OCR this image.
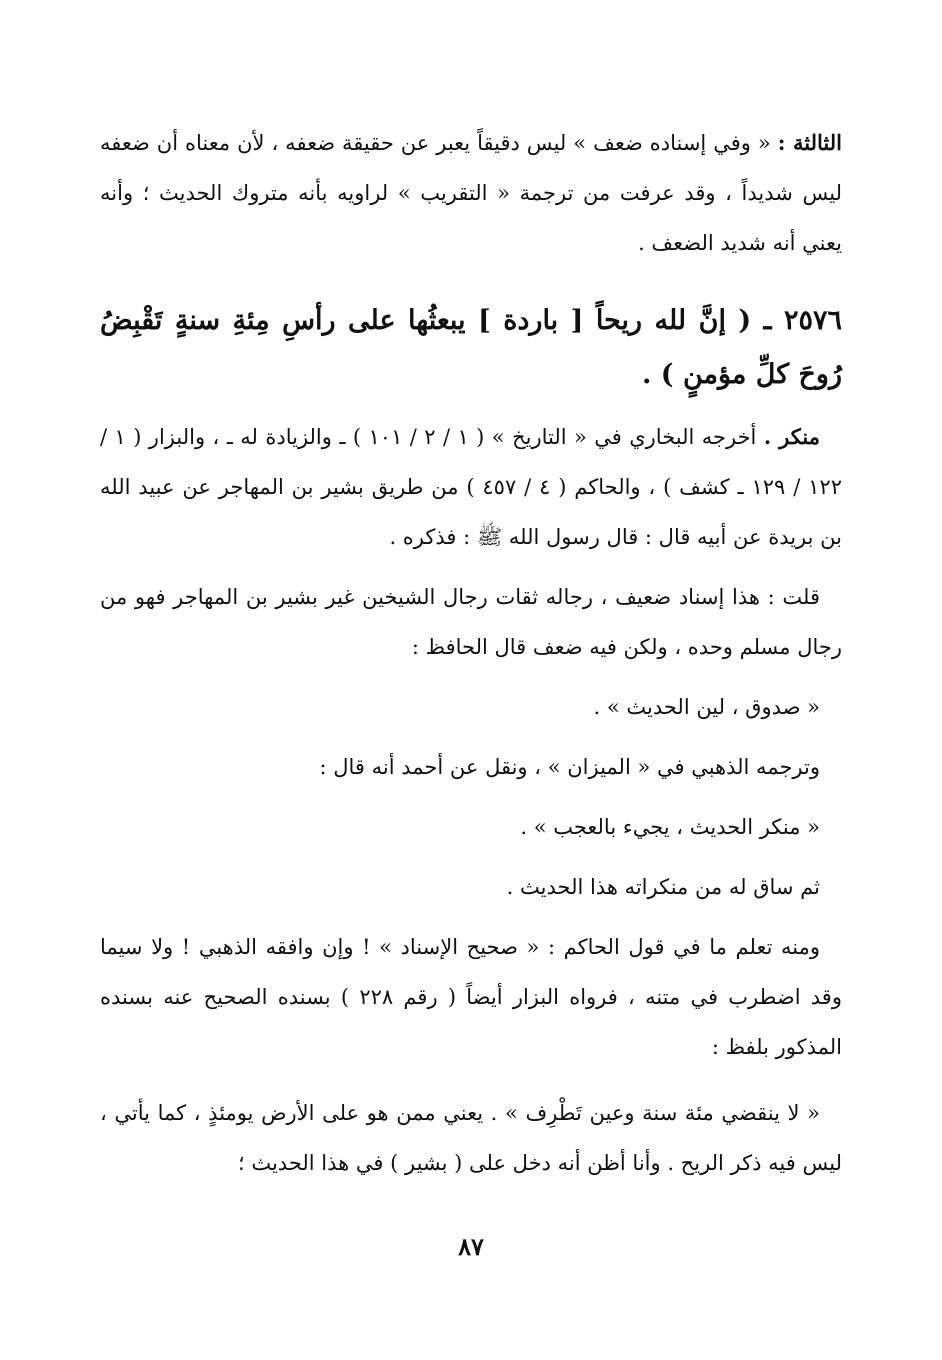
الثالثة : « وفي إسناده ضعف » ليس دقيقاً يعبر عن حقيقة ضعفه ، لأن معناه أن ضعفه ليس شديداً ، وقد عرفت من ترجمة « التقريب » لراويه بأنه متروك الحديث ؛ وأنه يعني أنه شديد الضعف .

٢٥٧٦ ـ ( إنَّ لله ريحاً [ باردة ] يبعثُها على رأسِ مِئةِ سنةٍ تَقْبِضُ رُوحَ كلِّ مؤمنٍ ) .

منكر . أخرجه البخاري في « التاريخ » ( ١ / ٢ / ١٠١ ) ـ والزيادة له ـ ، والبزار ( ١ / ١٢٢ / ١٢٩ ـ كشف ) ، والحاكم ( ٤ / ٤٥٧ ) من طريق بشير بن المهاجر عن عبيد الله بن بريدة عن أبيه قال : قال رسول الله ﷺ : فذكره .

قلت : هذا إسناد ضعيف ، رجاله ثقات رجال الشيخين غير بشير بن المهاجر فهو من رجال مسلم وحده ، ولكن فيه ضعف قال الحافظ :

« صدوق ، لين الحديث » .

وترجمه الذهبي في « الميزان » ، ونقل عن أحمد أنه قال :

« منكر الحديث ، يجيء بالعجب » .

ثم ساق له من منكراته هذا الحديث .

ومنه تعلم ما في قول الحاكم : « صحيح الإسناد » ! وإن وافقه الذهبي ! ولا سيما وقد اضطرب في متنه ، فرواه البزار أيضاً ( رقم ٢٢٨ ) بسنده الصحيح عنه بسنده المذكور بلفظ :

« لا ينقضي مئة سنة وعين تَطْرِف » . يعني ممن هو على الأرض يومئذٍ ، كما يأتي ، ليس فيه ذكر الريح . وأنا أظن أنه دخل على ( بشير ) في هذا الحديث ؛

٨٧
